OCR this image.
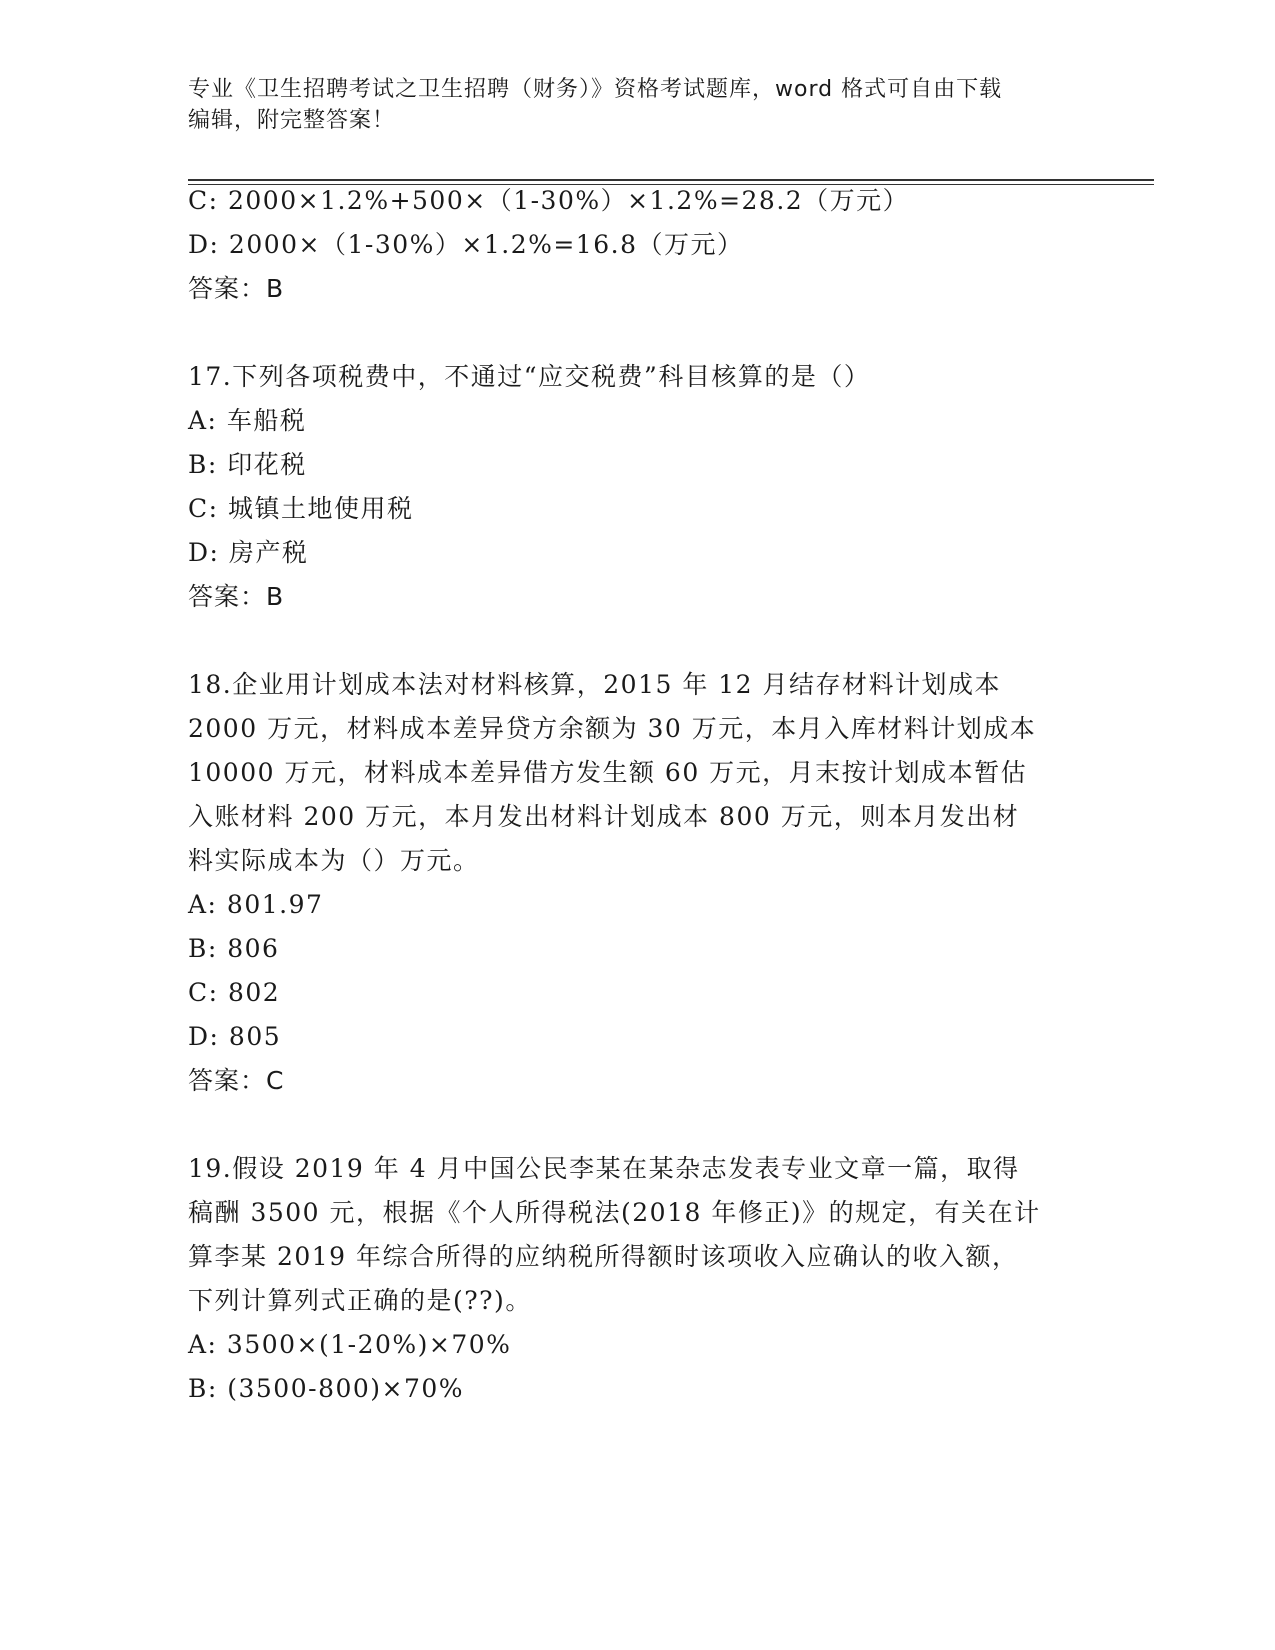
专业《卫生招聘考试之卫生招聘（财务）》资格考试题库，word 格式可自由下载
编辑，附完整答案！
C: 2000×1.2%+500×（1-30%）×1.2%=28.2（万元）
D: 2000×（1-30%）×1.2%=16.8（万元）
答案：B
17.下列各项税费中，不通过“应交税费”科目核算的是（）
A: 车船税
B: 印花税
C: 城镇土地使用税
D: 房产税
答案：B
18.企业用计划成本法对材料核算，2015 年 12 月结存材料计划成本
2000 万元，材料成本差异贷方余额为 30 万元，本月入库材料计划成本
10000 万元，材料成本差异借方发生额 60 万元，月末按计划成本暂估
入账材料 200 万元，本月发出材料计划成本 800 万元，则本月发出材
料实际成本为（）万元。
A: 801.97
B: 806
C: 802
D: 805
答案：C
19.假设 2019 年 4 月中国公民李某在某杂志发表专业文章一篇，取得
稿酬 3500 元，根据《个人所得税法(2018 年修正)》的规定，有关在计
算李某 2019 年综合所得的应纳税所得额时该项收入应确认的收入额，
下列计算列式正确的是(??)。
A: 3500×(1-20%)×70%
B: (3500-800)×70%
